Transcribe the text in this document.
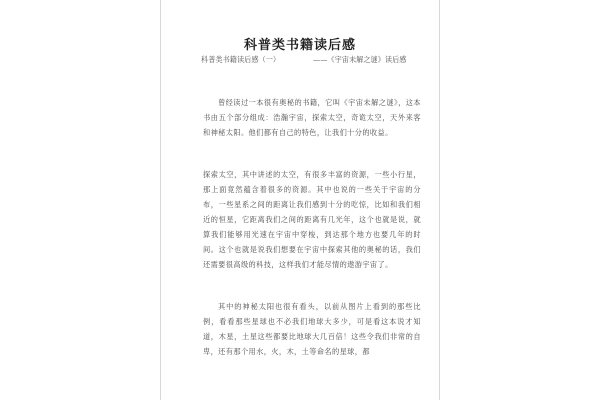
科普类书籍读后感
科普类书籍读后感（一）	——《宇宙未解之谜》读后感

曾经读过一本很有奥秘的书籍，它叫《宇宙未解之谜》，这本书由五个部分组成：浩瀚宇宙，探索太空，奇诡太空，天外来客和神秘太阳。他们都有自己的特色，让我们十分的收益。

探索太空，其中讲述的太空，有很多丰富的资源，一些小行星，那上面竟然蕴含着很多的资源。其中也说的一些关于宇宙的分布，一些星系之间的距离让我们感到十分的吃惊，比如和我们相近的恒星，它距离我们之间的距离有几光年，这个也就是说，就算我们能够用光速在宇宙中穿梭，到达那个地方也要几年的时间。这个也就是说我们想要在宇宙中探索其他的奥秘的话，我们还需要很高级的科技，这样我们才能尽情的遨游宇宙了。

其中的神秘太阳也很有看头，以前从图片上看到的那些比例，看看那些星球也不必我们地球大多少，可是看这本说才知道，木星，土星这些都要比地球大几百倍！这些令我们非常的自卑，还有那个用水，火，木，土等命名的星球，都
